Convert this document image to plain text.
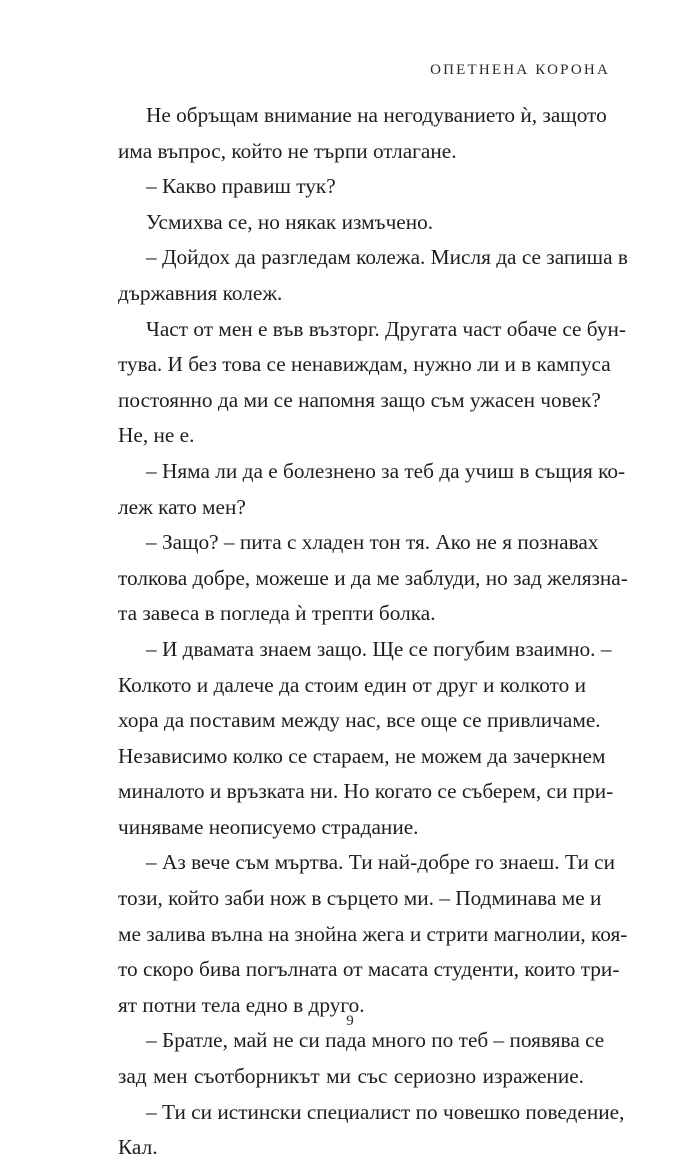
ОПЕТНЕНА КОРОНА
Не обръщам внимание на негодуванието ѝ, защото
има въпрос, който не търпи отлагане.
– Какво правиш тук?
Усмихва се, но някак измъчено.
– Дойдох да разгледам колежа. Мисля да се запиша в
държавния колеж.
Част от мен е във възторг. Другата част обаче се бун-
тува. И без това се ненавиждам, нужно ли и в кампуса
постоянно да ми се напомня защо съм ужасен човек?
Не, не е.
– Няма ли да е болезнено за теб да учиш в същия ко-
леж като мен?
– Защо? – пита с хладен тон тя. Ако не я познавах
толкова добре, можеше и да ме заблуди, но зад желязна-
та завеса в погледа ѝ трепти болка.
– И двамата знаем защо. Ще се погубим взаимно. –
Колкото и далече да стоим един от друг и колкото и
хора да поставим между нас, все още се привличаме.
Независимо колко се стараем, не можем да зачеркнем
миналото и връзката ни. Но когато се съберем, си при-
чиняваме неописуемо страдание.
– Аз вече съм мъртва. Ти най-добре го знаеш. Ти си
този, който заби нож в сърцето ми. – Подминава ме и
ме залива вълна на знойна жега и стрити магнолии, коя-
то скоро бива погълната от масата студенти, които три-
ят потни тела едно в друго.
– Братле, май не си пада много по теб – появява се
зад мен съотборникът ми със сериозно изражение.
– Ти си истински специалист по човешко поведение,
Кал.
9
